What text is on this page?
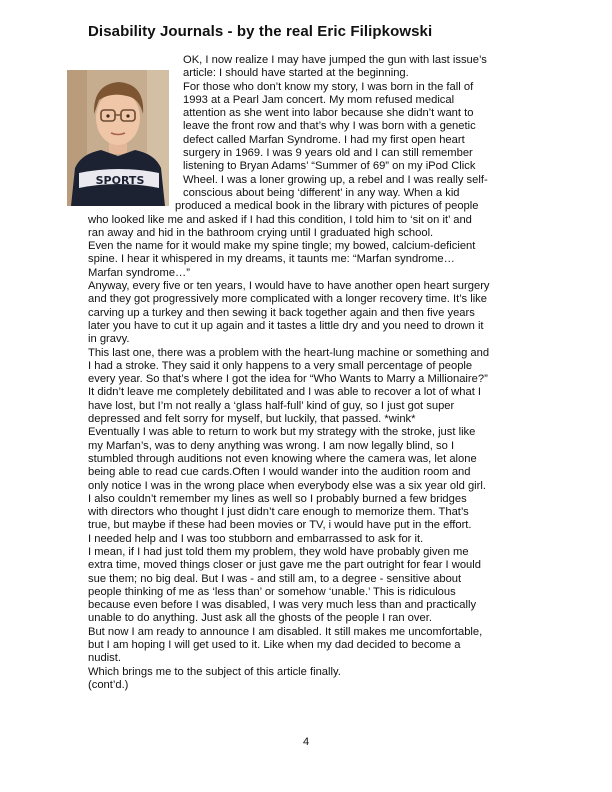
Disability Journals - by the real Eric Filipkowski
SPORTS
OK, I now realize I may have jumped the gun with last issue’s
article: I should have started at the beginning.
For those who don’t know my story, I was born in the fall of
1993 at a Pearl Jam concert. My mom refused medical
attention as she went into labor because she didn’t want to
leave the front row and that’s why I was born with a genetic
defect called Marfan Syndrome. I had my first open heart
surgery in 1969. I was 9 years old and I can still remember
listening to Bryan Adams’ “Summer of 69” on my iPod Click
Wheel. I was a loner growing up, a rebel and I was really self-
conscious about being ‘different’ in any way. When a kid
produced a medical book in the library with pictures of people
who looked like me and asked if I had this condition, I told him to ‘sit on it’ and
ran away and hid in the bathroom crying until I graduated high school.
Even the name for it would make my spine tingle; my bowed, calcium-deficient
spine. I hear it whispered in my dreams, it taunts me: “Marfan syndrome…
Marfan syndrome…”
Anyway, every five or ten years, I would have to have another open heart surgery
and they got progressively more complicated with a longer recovery time. It’s like
carving up a turkey and then sewing it back together again and then five years
later you have to cut it up again and it tastes a little dry and you need to drown it
in gravy.
This last one, there was a problem with the heart-lung machine or something and
I had a stroke. They said it only happens to a very small percentage of people
every year. So that’s where I got the idea for “Who Wants to Marry a Millionaire?”
It didn’t leave me completely debilitated and I was able to recover a lot of what I
have lost, but I’m not really a ‘glass half-full’ kind of guy, so I just got super
depressed and felt sorry for myself, but luckily, that passed. *wink*
Eventually I was able to return to work but my strategy with the stroke, just like
my Marfan’s, was to deny anything was wrong. I am now legally blind, so I
stumbled through auditions not even knowing where the camera was, let alone
being able to read cue cards.Often I would wander into the audition room and
only notice I was in the wrong place when everybody else was a six year old girl.
I also couldn’t remember my lines as well so I probably burned a few bridges
with directors who thought I just didn’t care enough to memorize them. That’s
true, but maybe if these had been movies or TV, i would have put in the effort.
I needed help and I was too stubborn and embarrassed to ask for it.
I mean, if I had just told them my problem, they wold have probably given me
extra time, moved things closer or just gave me the part outright for fear I would
sue them; no big deal. But I was - and still am, to a degree - sensitive about
people thinking of me as ‘less than’ or somehow ‘unable.’ This is ridiculous
because even before I was disabled, I was very much less than and practically
unable to do anything. Just ask all the ghosts of the people I ran over.
But now I am ready to announce I am disabled. It still makes me uncomfortable,
but I am hoping I will get used to it. Like when my dad decided to become a
nudist.
Which brings me to the subject of this article finally.
(cont’d.)
4
